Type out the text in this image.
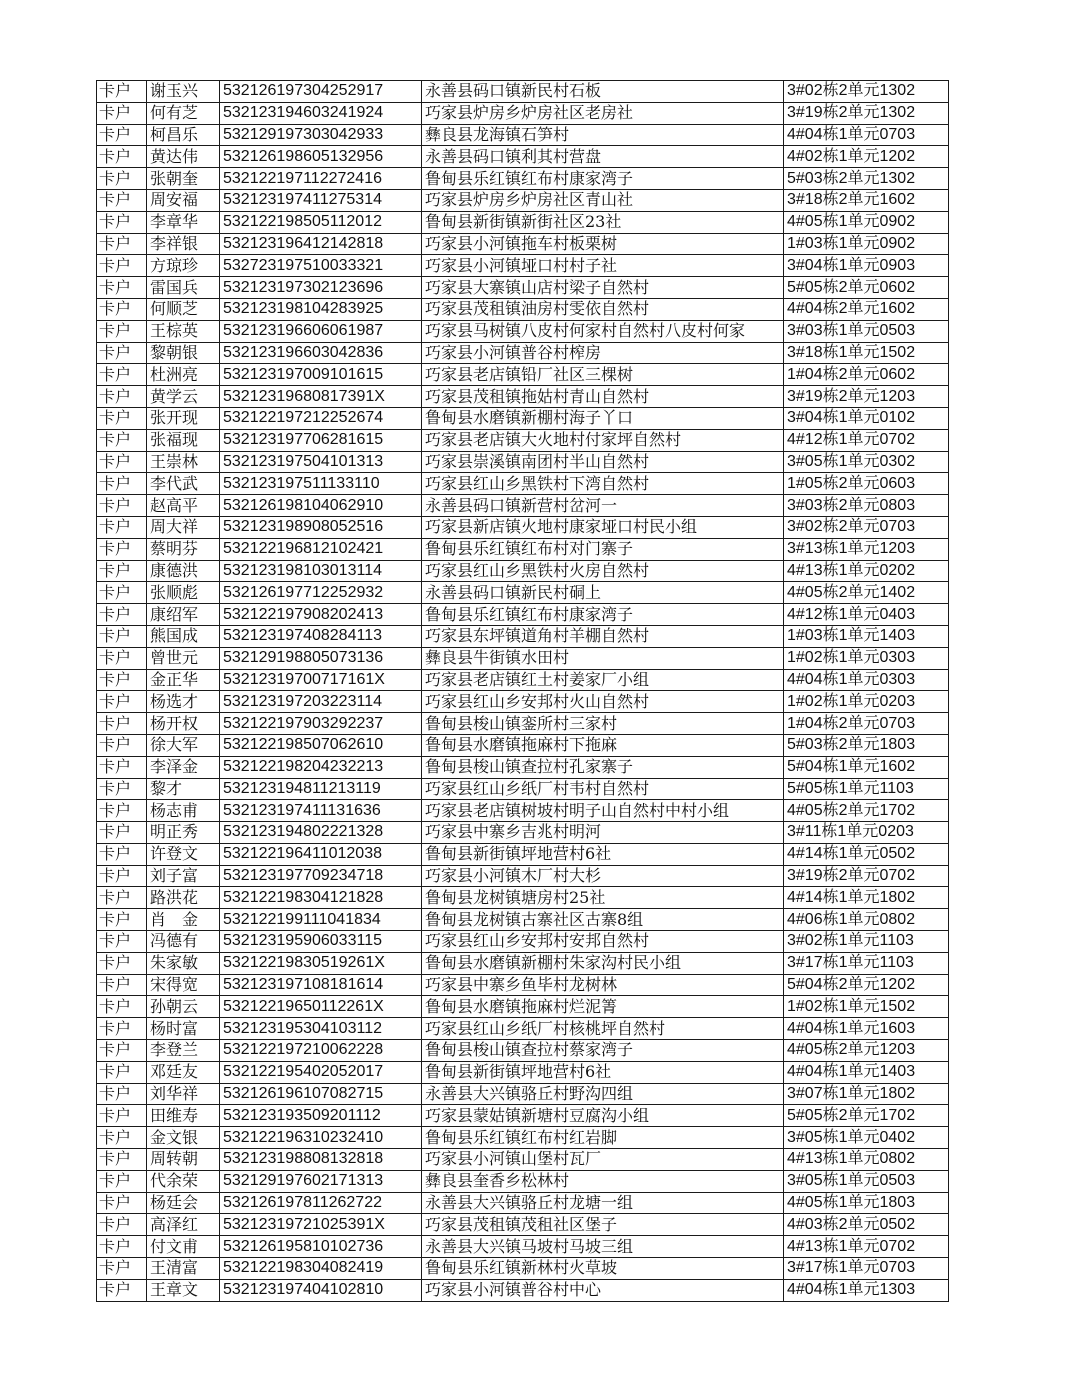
卡户	谢玉兴	532126197304252917	永善县码口镇新民村石板	3#02栋2单元1302
卡户	何有芝	532123194603241924	巧家县炉房乡炉房社区老房社	3#19栋2单元1302
卡户	柯昌乐	532129197303042933	彝良县龙海镇石笋村	4#04栋1单元0703
卡户	黄达伟	532126198605132956	永善县码口镇利其村营盘	4#02栋1单元1202
卡户	张朝奎	532122197112272416	鲁甸县乐红镇红布村康家湾子	5#03栋2单元1302
卡户	周安福	532123197411275314	巧家县炉房乡炉房社区青山社	3#18栋2单元1602
卡户	李章华	532122198505112012	鲁甸县新街镇新街社区23社	4#05栋1单元0902
卡户	李祥银	532123196412142818	巧家县小河镇拖车村板栗树	1#03栋1单元0902
卡户	方琼珍	532723197510033321	巧家县小河镇垭口村村子社	3#04栋1单元0903
卡户	雷国兵	532123197302123696	巧家县大寨镇山店村梁子自然村	5#05栋2单元0602
卡户	何顺芝	532123198104283925	巧家县茂租镇油房村雯依自然村	4#04栋2单元1602
卡户	王棕英	532123196606061987	巧家县马树镇八皮村何家村自然村八皮村何家	3#03栋1单元0503
卡户	黎朝银	532123196603042836	巧家县小河镇普谷村榨房	3#18栋1单元1502
卡户	杜洲亮	532123197009101615	巧家县老店镇铅厂社区三棵树	1#04栋2单元0602
卡户	黄学云	53212319680817391X	巧家县茂租镇拖姑村青山自然村	3#19栋2单元1203
卡户	张开现	532122197212252674	鲁甸县水磨镇新棚村海子丫口	3#04栋1单元0102
卡户	张福现	532123197706281615	巧家县老店镇大火地村付家坪自然村	4#12栋1单元0702
卡户	王崇林	532123197504101313	巧家县崇溪镇南团村半山自然村	3#05栋1单元0302
卡户	李代武	532123197511133110	巧家县红山乡黑铁村下湾自然村	1#05栋2单元0603
卡户	赵高平	532126198104062910	永善县码口镇新营村岔河一	3#03栋2单元0803
卡户	周大祥	532123198908052516	巧家县新店镇火地村康家垭口村民小组	3#02栋2单元0703
卡户	蔡明芬	532122196812102421	鲁甸县乐红镇红布村对门寨子	3#13栋1单元1203
卡户	康德洪	532123198103013114	巧家县红山乡黑铁村火房自然村	4#13栋1单元0202
卡户	张顺彪	532126197712252932	永善县码口镇新民村硐上	4#05栋2单元1402
卡户	康绍军	532122197908202413	鲁甸县乐红镇红布村康家湾子	4#12栋1单元0403
卡户	熊国成	532123197408284113	巧家县东坪镇道角村羊棚自然村	1#03栋1单元1403
卡户	曾世元	532129198805073136	彝良县牛街镇水田村	1#02栋1单元0303
卡户	金正华	53212319700717161X	巧家县老店镇红土村姜家厂小组	4#04栋1单元0303
卡户	杨选才	532123197203223114	巧家县红山乡安邦村火山自然村	1#02栋1单元0203
卡户	杨开权	532122197903292237	鲁甸县梭山镇銮所村三家村	1#04栋2单元0703
卡户	徐大军	532122198507062610	鲁甸县水磨镇拖麻村下拖麻	5#03栋2单元1803
卡户	李泽金	532122198204232213	鲁甸县梭山镇查拉村孔家寨子	5#04栋1单元1602
卡户	黎才	532123194811213119	巧家县红山乡纸厂村韦村自然村	5#05栋1单元1103
卡户	杨志甫	532123197411131636	巧家县老店镇树坡村明子山自然村中村小组	4#05栋2单元1702
卡户	明正秀	532123194802221328	巧家县中寨乡吉兆村明河	3#11栋1单元0203
卡户	许登文	532122196411012038	鲁甸县新街镇坪地营村6社	4#14栋1单元0502
卡户	刘子富	532123197709234718	巧家县小河镇木厂村大杉	3#19栋2单元0702
卡户	路洪花	532122198304121828	鲁甸县龙树镇塘房村25社	4#14栋1单元1802
卡户	肖　金	532122199111041834	鲁甸县龙树镇古寨社区古寨8组	4#06栋1单元0802
卡户	冯德有	532123195906033115	巧家县红山乡安邦村安邦自然村	3#02栋1单元1103
卡户	朱家敏	53212219830519261X	鲁甸县水磨镇新棚村朱家沟村民小组	3#17栋1单元1103
卡户	宋得宽	532123197108181614	巧家县中寨乡鱼毕村龙树林	5#04栋2单元1202
卡户	孙朝云	53212219650112261X	鲁甸县水磨镇拖麻村烂泥箐	1#02栋1单元1502
卡户	杨时富	532123195304103112	巧家县红山乡纸厂村核桃坪自然村	4#04栋1单元1603
卡户	李登兰	532122197210062228	鲁甸县梭山镇查拉村蔡家湾子	4#05栋2单元1203
卡户	邓廷友	532122195402052017	鲁甸县新街镇坪地营村6社	4#04栋1单元1403
卡户	刘华祥	532126196107082715	永善县大兴镇骆丘村野沟四组	3#07栋1单元1802
卡户	田维寿	532123193509201112	巧家县蒙姑镇新塘村豆腐沟小组	5#05栋2单元1702
卡户	金文银	532122196310232410	鲁甸县乐红镇红布村红岩脚	3#05栋1单元0402
卡户	周转朝	532123198808132818	巧家县小河镇山堡村瓦厂	4#13栋1单元0802
卡户	代余荣	532129197602171313	彝良县奎香乡松林村	3#05栋1单元0503
卡户	杨廷会	532126197811262722	永善县大兴镇骆丘村龙塘一组	4#05栋1单元1803
卡户	高泽红	53212319721025391X	巧家县茂租镇茂租社区堡子	4#03栋2单元0502
卡户	付文甫	532126195810102736	永善县大兴镇马坡村马坡三组	4#13栋1单元0702
卡户	王清富	532122198304082419	鲁甸县乐红镇新林村火草坡	3#17栋1单元0703
卡户	王章文	532123197404102810	巧家县小河镇普谷村中心	4#04栋1单元1303
